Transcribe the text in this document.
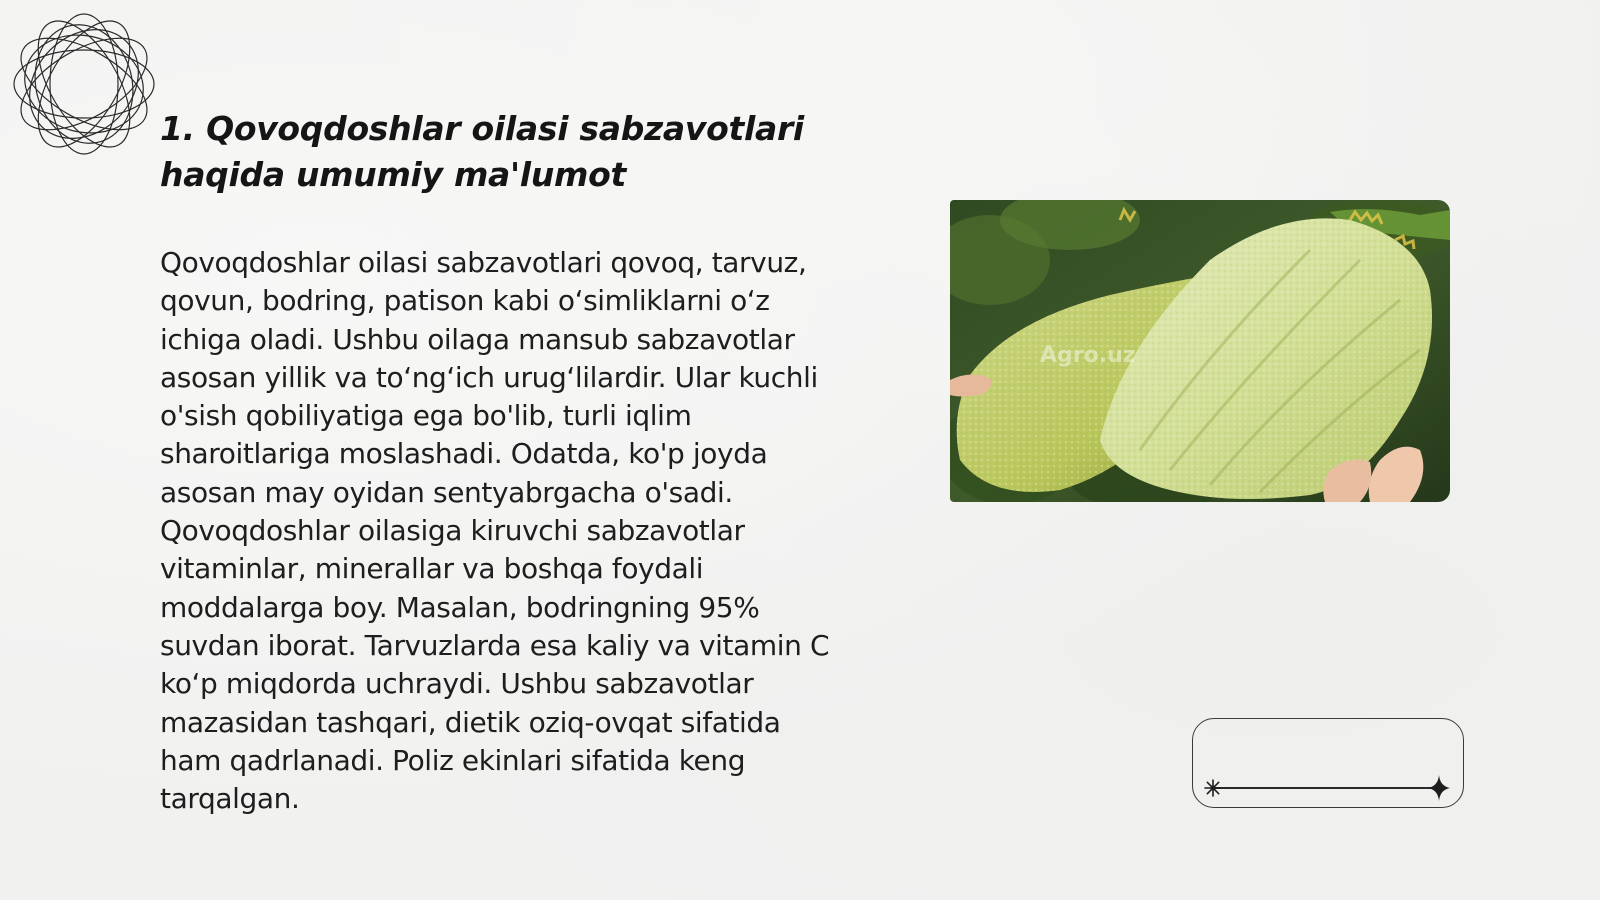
1. Qovoqdoshlar oilasi sabzavotlari haqida umumiy ma'lumot

Qovoqdoshlar oilasi sabzavotlari qovoq, tarvuz, qovun, bodring, patison kabi o‘simliklarni o‘z ichiga oladi. Ushbu oilaga mansub sabzavotlar asosan yillik va to‘ng‘ich urug‘lilardir. Ular kuchli o'sish qobiliyatiga ega bo'lib, turli iqlim sharoitlariga moslashadi. Odatda, ko'p joyda asosan may oyidan sentyabrgacha o'sadi. Qovoqdoshlar oilasiga kiruvchi sabzavotlar vitaminlar, minerallar va boshqa foydali moddalarga boy. Masalan, bodringning 95% suvdan iborat. Tarvuzlarda esa kaliy va vitamin C ko‘p miqdorda uchraydi. Ushbu sabzavotlar mazasidan tashqari, dietik oziq-ovqat sifatida ham qadrlanadi. Poliz ekinlari sifatida keng tarqalgan.

Agro.uz
